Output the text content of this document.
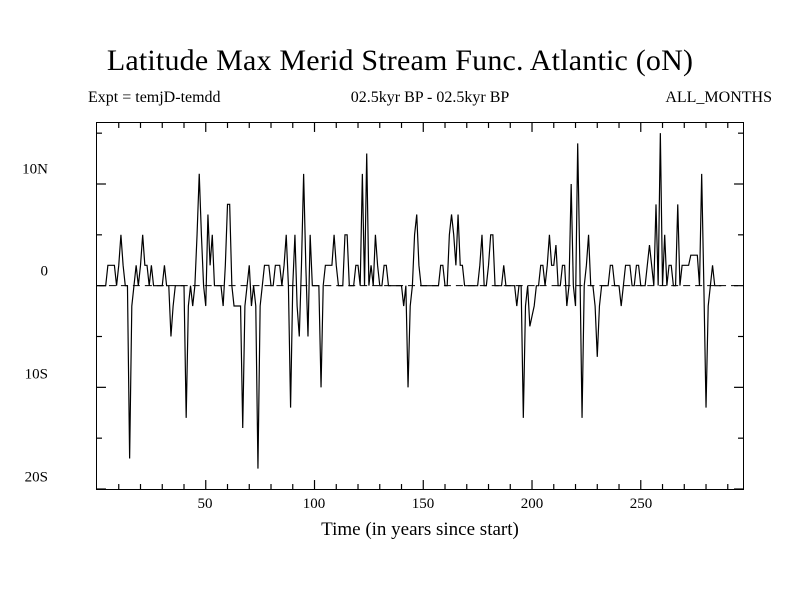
Latitude Max Merid Stream Func. Atlantic (oN)
Expt = temjD-temdd	02.5kyr BP - 02.5kyr BP	ALL_MONTHS
10N
0
10S
20S
50	100	150	200	250
Time (in years since start)
